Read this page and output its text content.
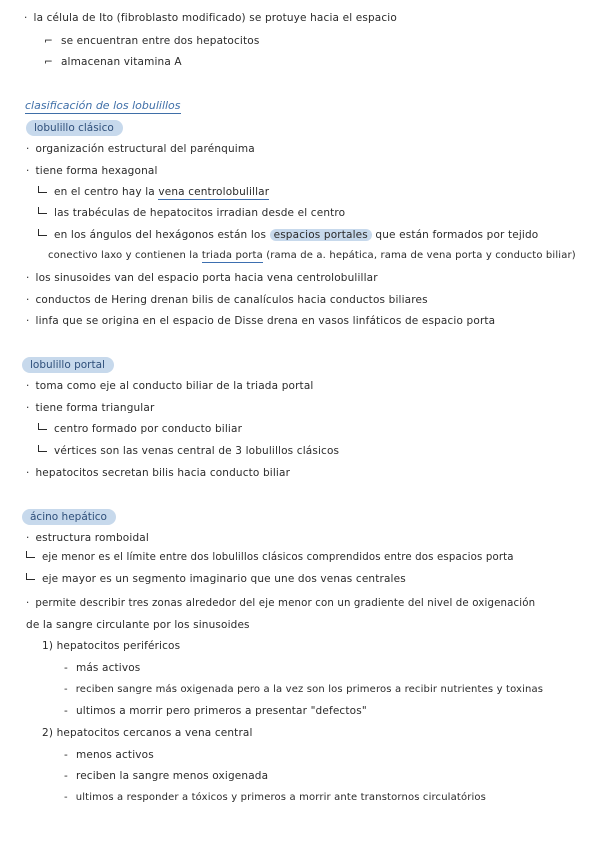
· la célula de Ito (fibroblasto modificado) se protuye hacia el espacio
⌐ se encuentran entre dos hepatocitos
⌐ almacenan vitamina A
clasificación de los lobulillos
lobulillo clásico
· organización estructural del parénquima
· tiene forma hexagonal
en el centro hay la vena centrolobulillar
las trabéculas de hepatocitos irradian desde el centro
en los ángulos del hexágonos están los espacios portales que están formados por tejido
conectivo laxo y contienen la triada porta (rama de a. hepática, rama de vena porta y conducto biliar)
· los sinusoides van del espacio porta hacia vena centrolobulillar
· conductos de Hering drenan bilis de canalículos hacia conductos biliares
· linfa que se origina en el espacio de Disse drena en vasos linfáticos de espacio porta
lobulillo portal
· toma como eje al conducto biliar de la triada portal
· tiene forma triangular
centro formado por conducto biliar
vértices son las venas central de 3 lobulillos clásicos
· hepatocitos secretan bilis hacia conducto biliar
ácino hepático
· estructura romboidal
eje menor es el límite entre dos lobulillos clásicos comprendidos entre dos espacios porta
eje mayor es un segmento imaginario que une dos venas centrales
· permite describir tres zonas alrededor del eje menor con un gradiente del nivel de oxigenación
de la sangre circulante por los sinusoides
1) hepatocitos periféricos
- más activos
- reciben sangre más oxigenada pero a la vez son los primeros a recibir nutrientes y toxinas
- ultimos a morrir pero primeros a presentar "defectos"
2) hepatocitos cercanos a vena central
- menos activos
- reciben la sangre menos oxigenada
- ultimos a responder a tóxicos y primeros a morrir ante transtornos circulatórios
